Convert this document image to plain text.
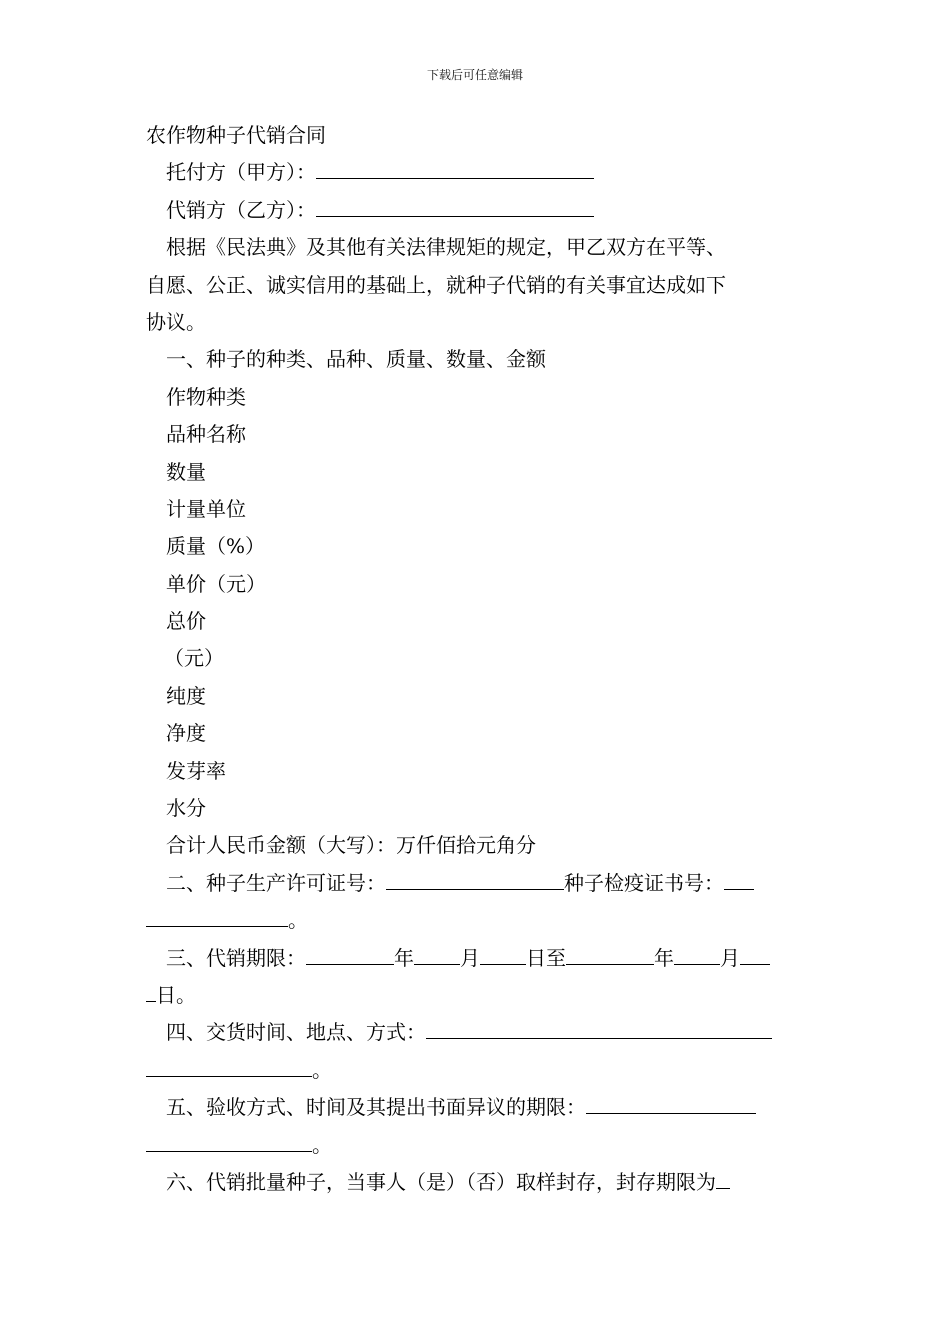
下载后可任意编辑
农作物种子代销合同
托付方（甲方）：
代销方（乙方）：
根据《民法典》及其他有关法律规矩的规定，甲乙双方在平等、
自愿、公正、诚实信用的基础上，就种子代销的有关事宜达成如下
协议。
一、种子的种类、品种、质量、数量、金额
作物种类
品种名称
数量
计量单位
质量（%）
单价（元）
总价
（元）
纯度
净度
发芽率
水分
合计人民币金额（大写）：万仟佰拾元角分
二、种子生产许可证号：	种子检疫证书号：
。
三、代销期限：	年 月 日至	年 月
日。
四、交货时间、地点、方式：
。
五、验收方式、时间及其提出书面异议的期限：
。
六、代销批量种子，当事人（是）（否）取样封存，封存期限为
